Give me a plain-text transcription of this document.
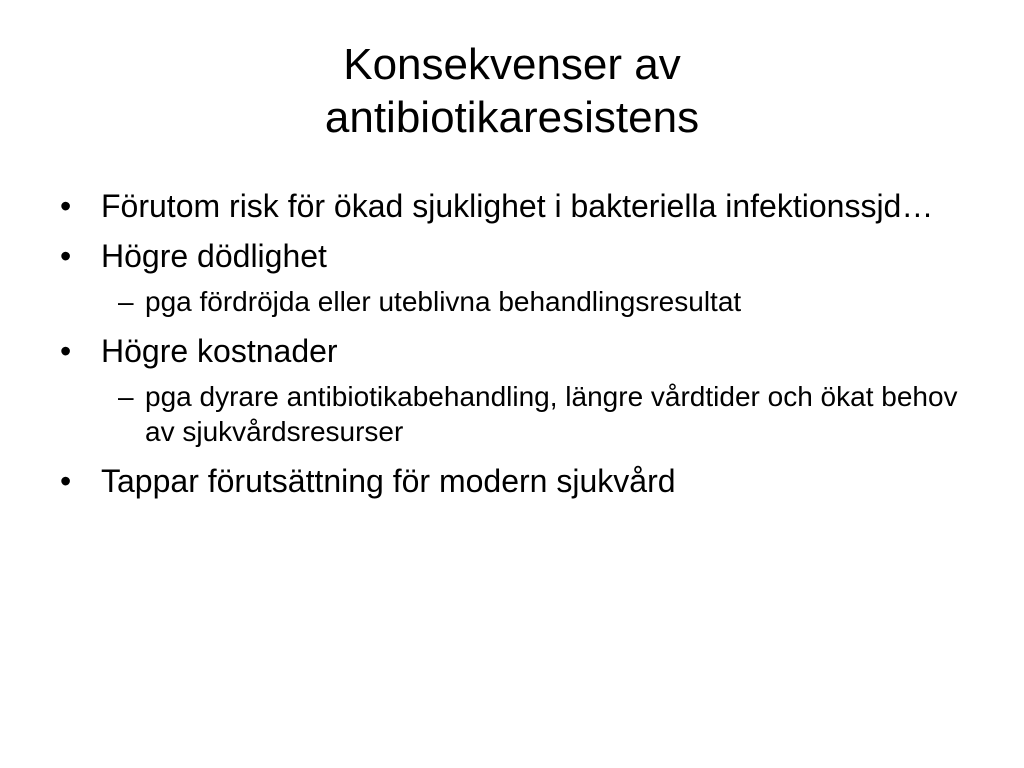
Konsekvenser av
antibiotikaresistens
• Förutom risk för ökad sjuklighet i bakteriella infektionssjd…
• Högre dödlighet
– pga fördröjda eller uteblivna behandlingsresultat
• Högre kostnader
– pga dyrare antibiotikabehandling, längre vårdtider och ökat behov av sjukvårdsresurser
• Tappar förutsättning för modern sjukvård
